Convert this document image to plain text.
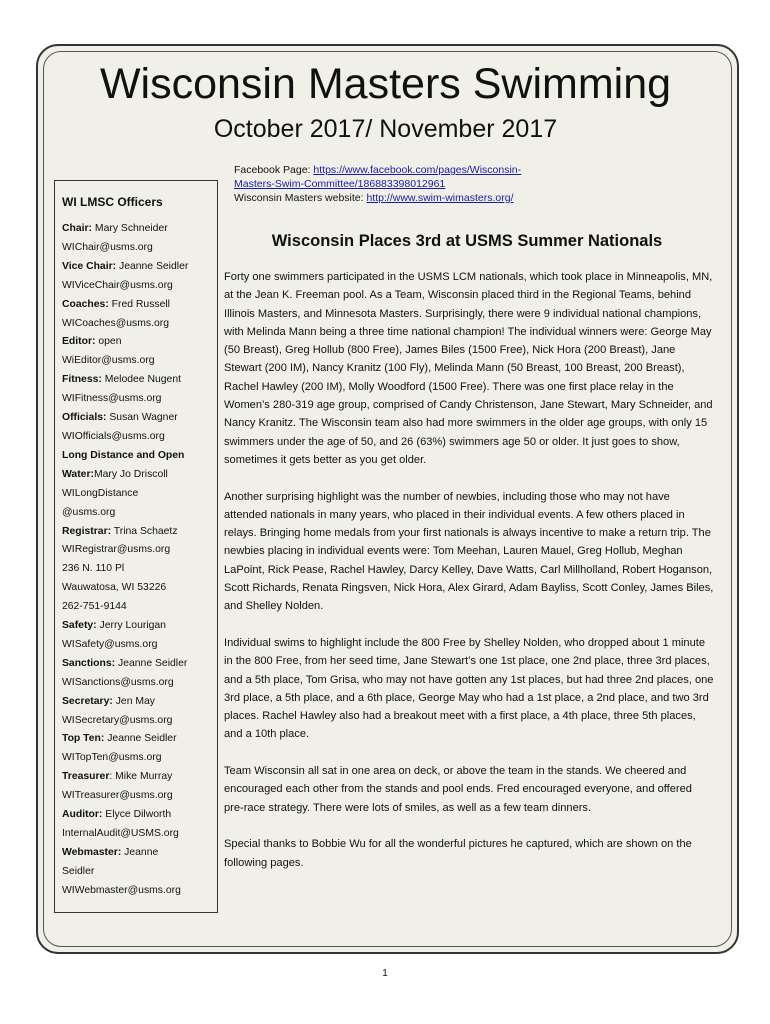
Wisconsin Masters Swimming
October 2017/ November 2017
Facebook Page: https://www.facebook.com/pages/Wisconsin-
Masters-Swim-Committee/186883398012961
Wisconsin Masters website: http://www.swim-wimasters.org/
WI LMSC Officers
Chair: Mary Schneider
WIChair@usms.org
Vice Chair: Jeanne Seidler
WIViceChair@usms.org
Coaches: Fred Russell
WICoaches@usms.org
Editor: open
WiEditor@usms.org
Fitness: Melodee Nugent
WIFitness@usms.org
Officials: Susan Wagner
WIOfficials@usms.org
Long Distance and Open
Water:Mary Jo Driscoll
WILongDistance
@usms.org
Registrar: Trina Schaetz
WIRegistrar@usms.org
236 N. 110 Pl
Wauwatosa, WI 53226
262-751-9144
Safety: Jerry Lourigan
WISafety@usms.org
Sanctions: Jeanne Seidler
WISanctions@usms.org
Secretary: Jen May
WISecretary@usms.org
Top Ten: Jeanne Seidler
WITopTen@usms.org
Treasurer: Mike Murray
WITreasurer@usms.org
Auditor: Elyce Dilworth
InternalAudit@USMS.org
Webmaster: Jeanne
Seidler
WIWebmaster@usms.org
Wisconsin Places 3rd at USMS Summer Nationals

Forty one swimmers participated in the USMS LCM nationals, which took place in Minneapolis, MN, at the Jean K. Freeman pool. As a Team, Wisconsin placed third in the Regional Teams, behind Illinois Masters, and Minnesota Masters. Surprisingly, there were 9 individual national champions, with Melinda Mann being a three time national champion! The individual winners were: George May (50 Breast), Greg Hollub (800 Free), James Biles (1500 Free), Nick Hora (200 Breast), Jane Stewart (200 IM), Nancy Kranitz (100 Fly), Melinda Mann (50 Breast, 100 Breast, 200 Breast), Rachel Hawley (200 IM), Molly Woodford (1500 Free). There was one first place relay in the Women’s 280-319 age group, comprised of Candy Christenson, Jane Stewart, Mary Schneider, and Nancy Kranitz. The Wisconsin team also had more swimmers in the older age groups, with only 15 swimmers under the age of 50, and 26 (63%) swimmers age 50 or older. It just goes to show, sometimes it gets better as you get older.

Another surprising highlight was the number of newbies, including those who may not have attended nationals in many years, who placed in their individual events. A few others placed in relays. Bringing home medals from your first nationals is always incentive to make a return trip. The newbies placing in individual events were: Tom Meehan, Lauren Mauel, Greg Hollub, Meghan LaPoint, Rick Pease, Rachel Hawley, Darcy Kelley, Dave Watts, Carl Millholland, Robert Hoganson, Scott Richards, Renata Ringsven, Nick Hora, Alex Girard, Adam Bayliss, Scott Conley, James Biles, and Shelley Nolden.

Individual swims to highlight include the 800 Free by Shelley Nolden, who dropped about 1 minute in the 800 Free, from her seed time, Jane Stewart’s one 1st place, one 2nd place, three 3rd places, and a 5th place, Tom Grisa, who may not have gotten any 1st places, but had three 2nd places, one 3rd place, a 5th place, and a 6th place, George May who had a 1st place, a 2nd place, and two 3rd places. Rachel Hawley also had a breakout meet with a first place, a 4th place, three 5th places, and a 10th place.

Team Wisconsin all sat in one area on deck, or above the team in the stands. We cheered and encouraged each other from the stands and pool ends. Fred encouraged everyone, and offered pre-race strategy. There were lots of smiles, as well as a few team dinners.

Special thanks to Bobbie Wu for all the wonderful pictures he captured, which are shown on the following pages.

1
